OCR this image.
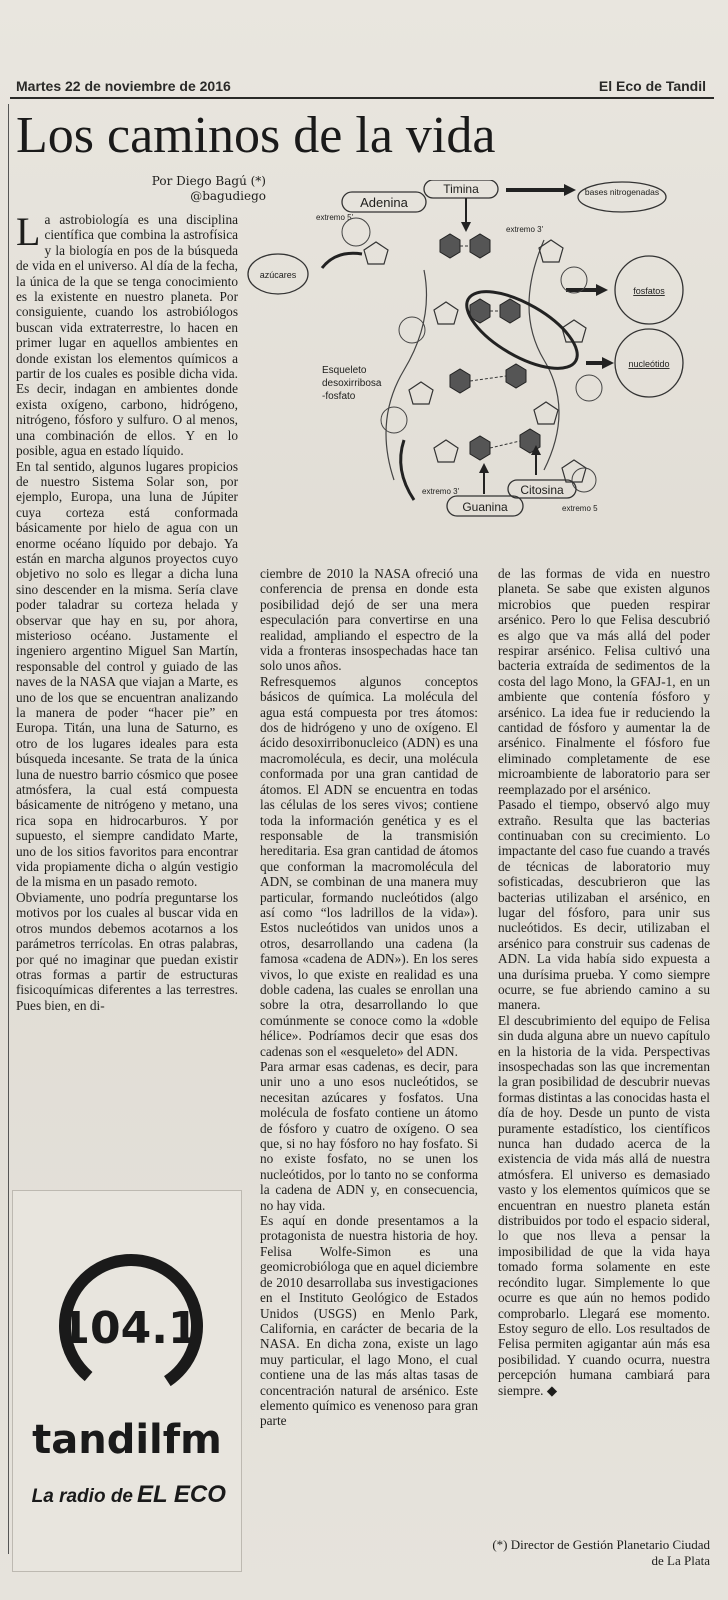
Martes 22 de noviembre de 2016	El Eco de Tandil
Los caminos de la vida
Por Diego Bagú (*)
@bagudiego

La astrobiología es una disciplina científica que combina la astrofísica y la biología en pos de la búsqueda de vida en el universo. Al día de la fecha, la única de la que se tenga conocimiento es la existente en nuestro planeta. Por consiguiente, cuando los astrobiólogos buscan vida extraterrestre, lo hacen en primer lugar en aquellos ambientes en donde existan los elementos químicos a partir de los cuales es posible dicha vida. Es decir, indagan en ambientes donde exista oxígeno, carbono, hidrógeno, nitrógeno, fósforo y sulfuro. O al menos, una combinación de ellos. Y en lo posible, agua en estado líquido.

En tal sentido, algunos lugares propicios de nuestro Sistema Solar son, por ejemplo, Europa, una luna de Júpiter cuya corteza está conformada básicamente por hielo de agua con un enorme océano líquido por debajo. Ya están en marcha algunos proyectos cuyo objetivo no solo es llegar a dicha luna sino descender en la misma. Sería clave poder taladrar su corteza helada y observar que hay en su, por ahora, misterioso océano. Justamente el ingeniero argentino Miguel San Martín, responsable del control y guiado de las naves de la NASA que viajan a Marte, es uno de los que se encuentran analizando la manera de poder “hacer pie” en Europa. Titán, una luna de Saturno, es otro de los lugares ideales para esta búsqueda incesante. Se trata de la única luna de nuestro barrio cósmico que posee atmósfera, la cual está compuesta básicamente de nitrógeno y metano, una rica sopa en hidrocarburos. Y por supuesto, el siempre candidato Marte, uno de los sitios favoritos para encontrar vida propiamente dicha o algún vestigio de la misma en un pasado remoto.

Obviamente, uno podría preguntarse los motivos por los cuales al buscar vida en otros mundos debemos acotarnos a los parámetros terrícolas. En otras palabras, por qué no imaginar que puedan existir otras formas a partir de estructuras fisicoquímicas diferentes a las terrestres. Pues bien, en di-

Timina
Adenina
bases nitrogenadas
azúcares
fosfatos
nucleótido
Esqueleto
desoxirribosa
-fosfato
extremo 5'
extremo 3'
extremo 3'
extremo 5
Citosina
Guanina

ciembre de 2010 la NASA ofreció una conferencia de prensa en donde esta posibilidad dejó de ser una mera especulación para convertirse en una realidad, ampliando el espectro de la vida a fronteras insospechadas hace tan solo unos años.

Refresquemos algunos conceptos básicos de química. La molécula del agua está compuesta por tres átomos: dos de hidrógeno y uno de oxígeno. El ácido desoxirribonucleico (ADN) es una macromolécula, es decir, una molécula conformada por una gran cantidad de átomos. El ADN se encuentra en todas las células de los seres vivos; contiene toda la información genética y es el responsable de la transmisión hereditaria. Esa gran cantidad de átomos que conforman la macromolécula del ADN, se combinan de una manera muy particular, formando nucleótidos (algo así como “los ladrillos de la vida»). Estos nucleótidos van unidos unos a otros, desarrollando una cadena (la famosa «cadena de ADN»). En los seres vivos, lo que existe en realidad es una doble cadena, las cuales se enrollan una sobre la otra, desarrollando lo que comúnmente se conoce como la «doble hélice». Podríamos decir que esas dos cadenas son el «esqueleto» del ADN.

Para armar esas cadenas, es decir, para unir uno a uno esos nucleótidos, se necesitan azúcares y fosfatos. Una molécula de fosfato contiene un átomo de fósforo y cuatro de oxígeno. O sea que, si no hay fósforo no hay fosfato. Si no existe fosfato, no se unen los nucleótidos, por lo tanto no se conforma la cadena de ADN y, en consecuencia, no hay vida.

Es aquí en donde presentamos a la protagonista de nuestra historia de hoy. Felisa Wolfe-Simon es una geomicrobióloga que en aquel diciembre de 2010 desarrollaba sus investigaciones en el Instituto Geológico de Estados Unidos (USGS) en Menlo Park, California, en carácter de becaria de la NASA. En dicha zona, existe un lago muy particular, el lago Mono, el cual contiene una de las más altas tasas de concentración natural de arsénico. Este elemento químico es venenoso para gran parte

de las formas de vida en nuestro planeta. Se sabe que existen algunos microbios que pueden respirar arsénico. Pero lo que Felisa descubrió es algo que va más allá del poder respirar arsénico. Felisa cultivó una bacteria extraída de sedimentos de la costa del lago Mono, la GFAJ-1, en un ambiente que contenía fósforo y arsénico. La idea fue ir reduciendo la cantidad de fósforo y aumentar la de arsénico. Finalmente el fósforo fue eliminado completamente de ese microambiente de laboratorio para ser reemplazado por el arsénico.

Pasado el tiempo, observó algo muy extraño. Resulta que las bacterias continuaban con su crecimiento. Lo impactante del caso fue cuando a través de técnicas de laboratorio muy sofisticadas, descubrieron que las bacterias utilizaban el arsénico, en lugar del fósforo, para unir sus nucleótidos. Es decir, utilizaban el arsénico para construir sus cadenas de ADN. La vida había sido expuesta a una durísima prueba. Y como siempre ocurre, se fue abriendo camino a su manera.

El descubrimiento del equipo de Felisa sin duda alguna abre un nuevo capítulo en la historia de la vida. Perspectivas insospechadas son las que incrementan la gran posibilidad de descubrir nuevas formas distintas a las conocidas hasta el día de hoy. Desde un punto de vista puramente estadístico, los científicos nunca han dudado acerca de la existencia de vida más allá de nuestra atmósfera. El universo es demasiado vasto y los elementos químicos que se encuentran en nuestro planeta están distribuidos por todo el espacio sideral, lo que nos lleva a pensar la imposibilidad de que la vida haya tomado forma solamente en este recóndito lugar. Simplemente lo que ocurre es que aún no hemos podido comprobarlo. Llegará ese momento. Estoy seguro de ello. Los resultados de Felisa permiten agigantar aún más esa posibilidad. Y cuando ocurra, nuestra percepción humana cambiará para siempre. ◆

(*) Director de Gestión Planetario Ciudad de La Plata
104.1
tandilfm
La radio de EL ECO
